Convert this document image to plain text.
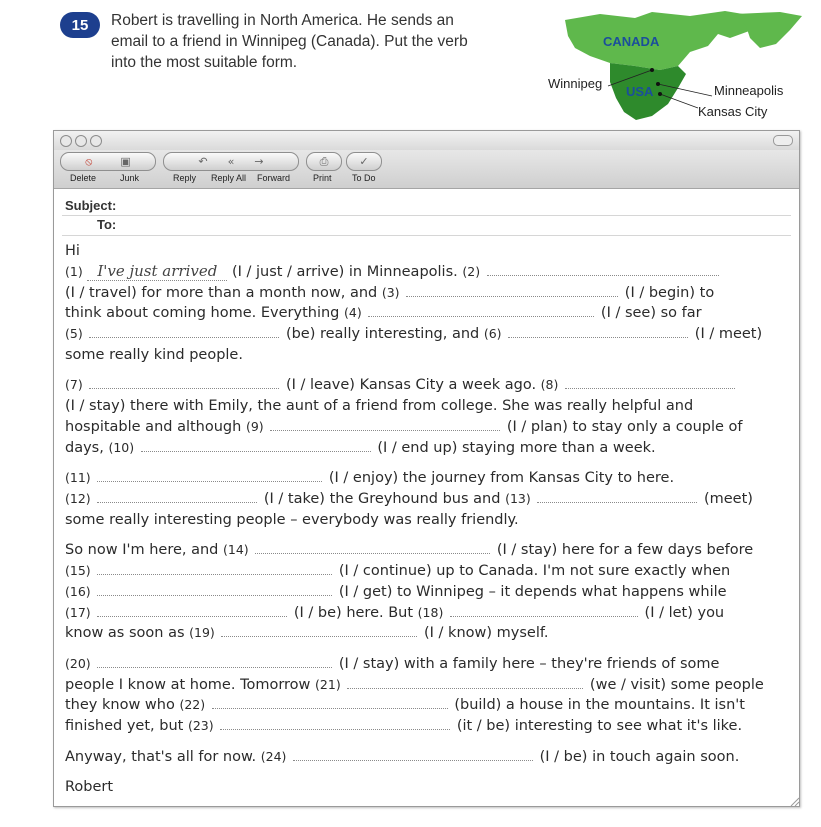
15	Robert is travelling in North America. He sends an email to a friend in Winnipeg (Canada). Put the verb into the most suitable form.
CANADA
USA
Winnipeg	Minneapolis
Kansas City
⦸	▣	↶ « →	⎙	✓
Delete	Junk	Reply Reply All Forward	Print To Do
Subject:
To:

Hi

(1) I've just arrived (I / just / arrive) in Minneapolis. (2)
(I / travel) for more than a month now, and (3)	(I / begin) to
think about coming home. Everything (4)	(I / see) so far
(5)	(be) really interesting, and (6)	(I / meet)
some really kind people.

(7)	(I / leave) Kansas City a week ago. (8)
(I / stay) there with Emily, the aunt of a friend from college. She was really helpful and
hospitable and although (9)	(I / plan) to stay only a couple of
days, (10)	(I / end up) staying more than a week.

(11)	(I / enjoy) the journey from Kansas City to here.
(12)	(I / take) the Greyhound bus and (13)	(meet)
some really interesting people – everybody was really friendly.

So now I'm here, and (14)	(I / stay) here for a few days before
(15)	(I / continue) up to Canada. I'm not sure exactly when
(16)	(I / get) to Winnipeg – it depends what happens while
(17)	(I / be) here. But (18)	(I / let) you
know as soon as (19)	(I / know) myself.

(20)	(I / stay) with a family here – they're friends of some
people I know at home. Tomorrow (21)	(we / visit) some people
they know who (22)	(build) a house in the mountains. It isn't
finished yet, but (23)	(it / be) interesting to see what it's like.

Anyway, that's all for now. (24)	(I / be) in touch again soon.

Robert
